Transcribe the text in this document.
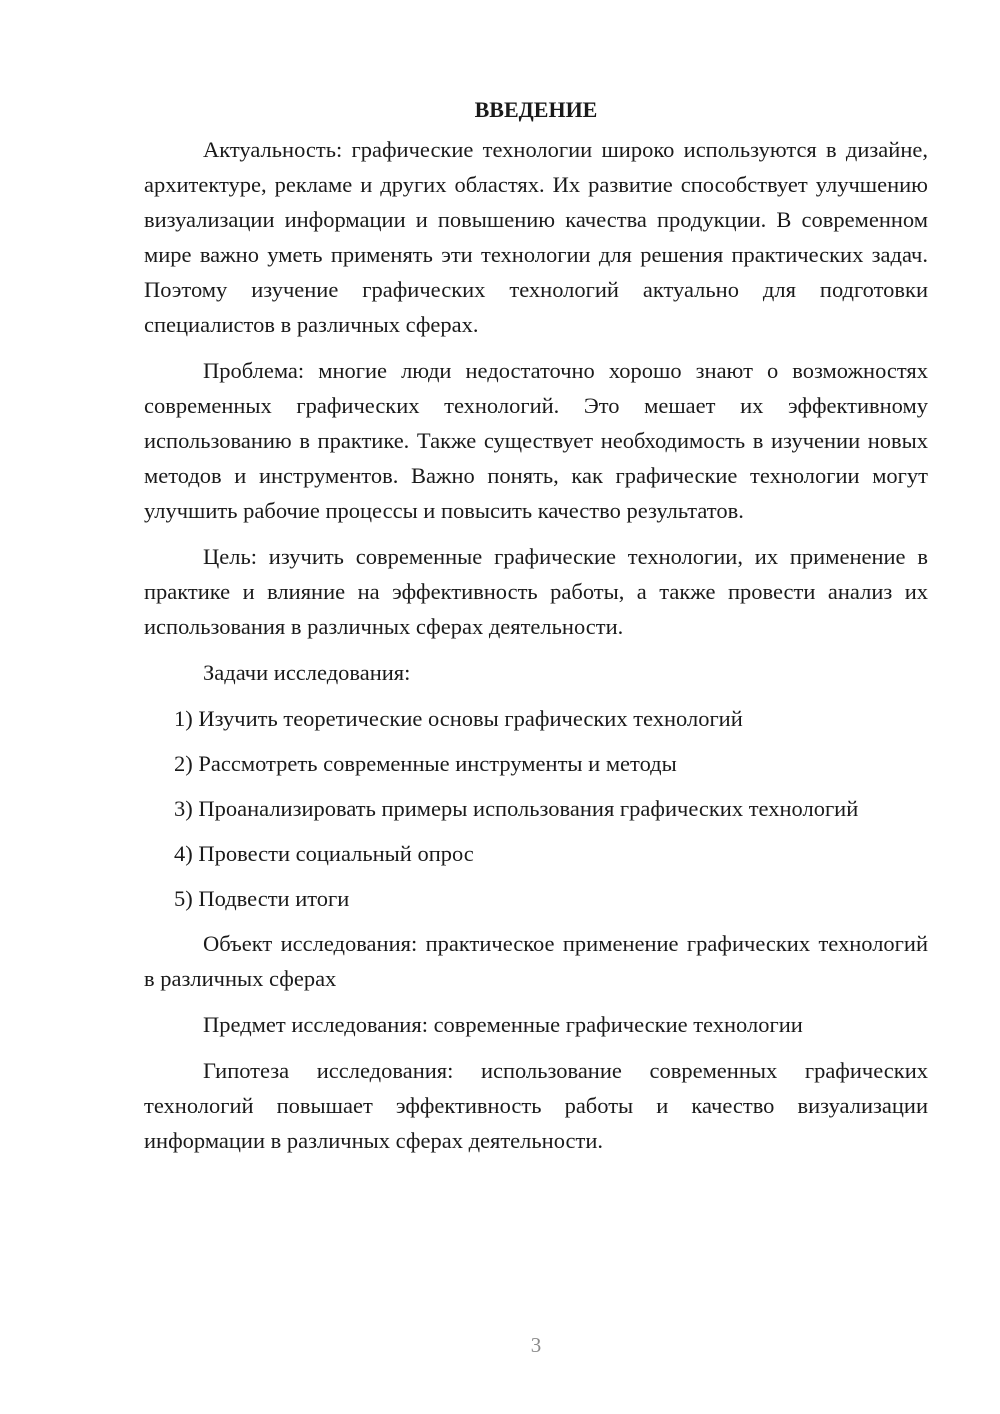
ВВЕДЕНИЕ

Актуальность: графические технологии широко используются в дизайне, архитектуре, рекламе и других областях. Их развитие способствует улучшению визуализации информации и повышению качества продукции. В современном мире важно уметь применять эти технологии для решения практических задач. Поэтому изучение графических технологий актуально для подготовки специалистов в различных сферах.

Проблема: многие люди недостаточно хорошо знают о возможностях современных графических технологий. Это мешает их эффективному использованию в практике. Также существует необходимость в изучении новых методов и инструментов. Важно понять, как графические технологии могут улучшить рабочие процессы и повысить качество результатов.

Цель: изучить современные графические технологии, их применение в практике и влияние на эффективность работы, а также провести анализ их использования в различных сферах деятельности.

Задачи исследования:

1) Изучить теоретические основы графических технологий

2) Рассмотреть современные инструменты и методы

3) Проанализировать примеры использования графических технологий

4) Провести социальный опрос

5) Подвести итоги

Объект исследования: практическое применение графических технологий в различных сферах

Предмет исследования: современные графические технологии

Гипотеза исследования: использование современных графических технологий повышает эффективность работы и качество визуализации информации в различных сферах деятельности.

3
